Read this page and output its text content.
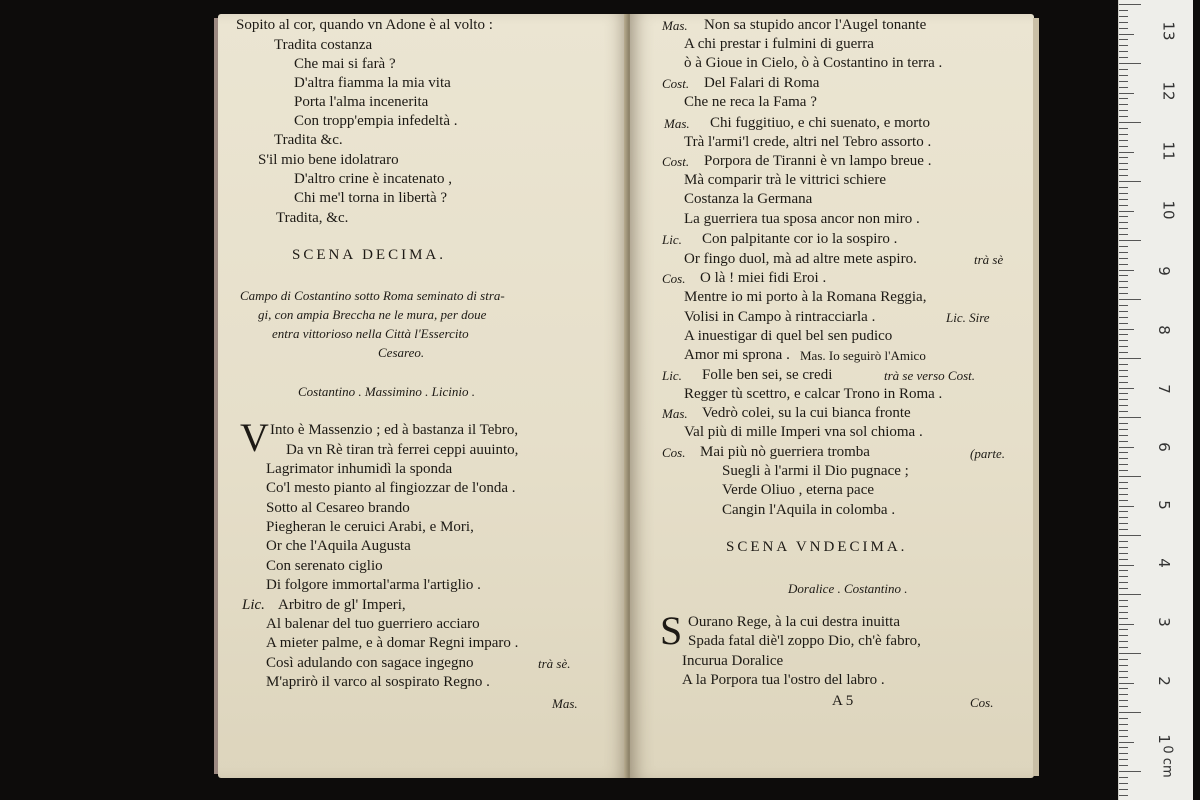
Sopito al cor, quando vn Adone è al volto :
Tradita costanza
Che mai si farà ?
D'altra fiamma la mia vita
Porta l'alma incenerita
Con tropp'empia infedeltà .
Tradita &c.
S'il mio bene idolatraro
D'altro crine è incatenato ,
Chi me'l torna in libertà ?
Tradita, &c.
SCENA DECIMA.
Campo di Costantino sotto Roma seminato di stra-
gi, con ampia Breccha ne le mura, per doue
entra vittorioso nella Città l'Essercito
Cesareo.
Costantino . Massimino . Licinio .
V Into è Massenzio ; ed à bastanza il Tebro,
Da vn Rè tiran trà ferrei ceppi auuinto,
Lagrimator inhumidì la sponda
Co'l mesto pianto al fingiozzar de l'onda .
Sotto al Cesareo brando
Piegheran le ceruici Arabi, e Mori,
Or che l'Aquila Augusta
Con serenato ciglio
Di folgore immortal'arma l'artiglio .
Lic. Arbitro de gl' Imperi,
Al balenar del tuo guerriero acciaro
A mieter palme, e à domar Regni imparo .
Così adulando con sagace ingegno	trà sè.
M'aprirò il varco al sospirato Regno .
Mas.
Mas. Non sa stupido ancor l'Augel tonante
A chi prestar i fulmini di guerra
ò à Gioue in Cielo, ò à Costantino in terra .
Cost. Del Falari di Roma
Che ne reca la Fama ?
Mas. Chi fuggitiuo, e chi suenato, e morto
Trà l'armi'l crede, altri nel Tebro assorto .
Cost. Porpora de Tiranni è vn lampo breue .
Mà comparir trà le vittrici schiere
Costanza la Germana
La guerriera tua sposa ancor non miro .
Lic. Con palpitante cor io la sospiro .
Or fingo duol, mà ad altre mete aspiro.	trà sè
Cos. O là ! miei fidi Eroi .
Mentre io mi porto à la Romana Reggia,
Volisi in Campo à rintracciarla .	Lic. Sire
A inuestigar di quel bel sen pudico
Amor mi sprona . Mas. Io seguirò l'Amico
Lic. Folle ben sei, se credi	trà se verso Cost.
Regger tù scettro, e calcar Trono in Roma .
Mas. Vedrò colei, su la cui bianca fronte
Val più di mille Imperi vna sol chioma .
Cos. Mai più nò guerriera tromba	(parte.
Suegli à l'armi il Dio pugnace ;
Verde Oliuo , eterna pace
Cangin l'Aquila in colomba .
SCENA VNDECIMA.
Doralice . Costantino .
S Ourano Rege, à la cui destra inuitta
Spada fatal diè'l zoppo Dio, ch'è fabro,
Incurua Doralice
A la Porpora tua l'ostro del labro .
A 5	Cos.
13
12
11
10
9
8
7
6
5
4
3
2
1
0 cm
